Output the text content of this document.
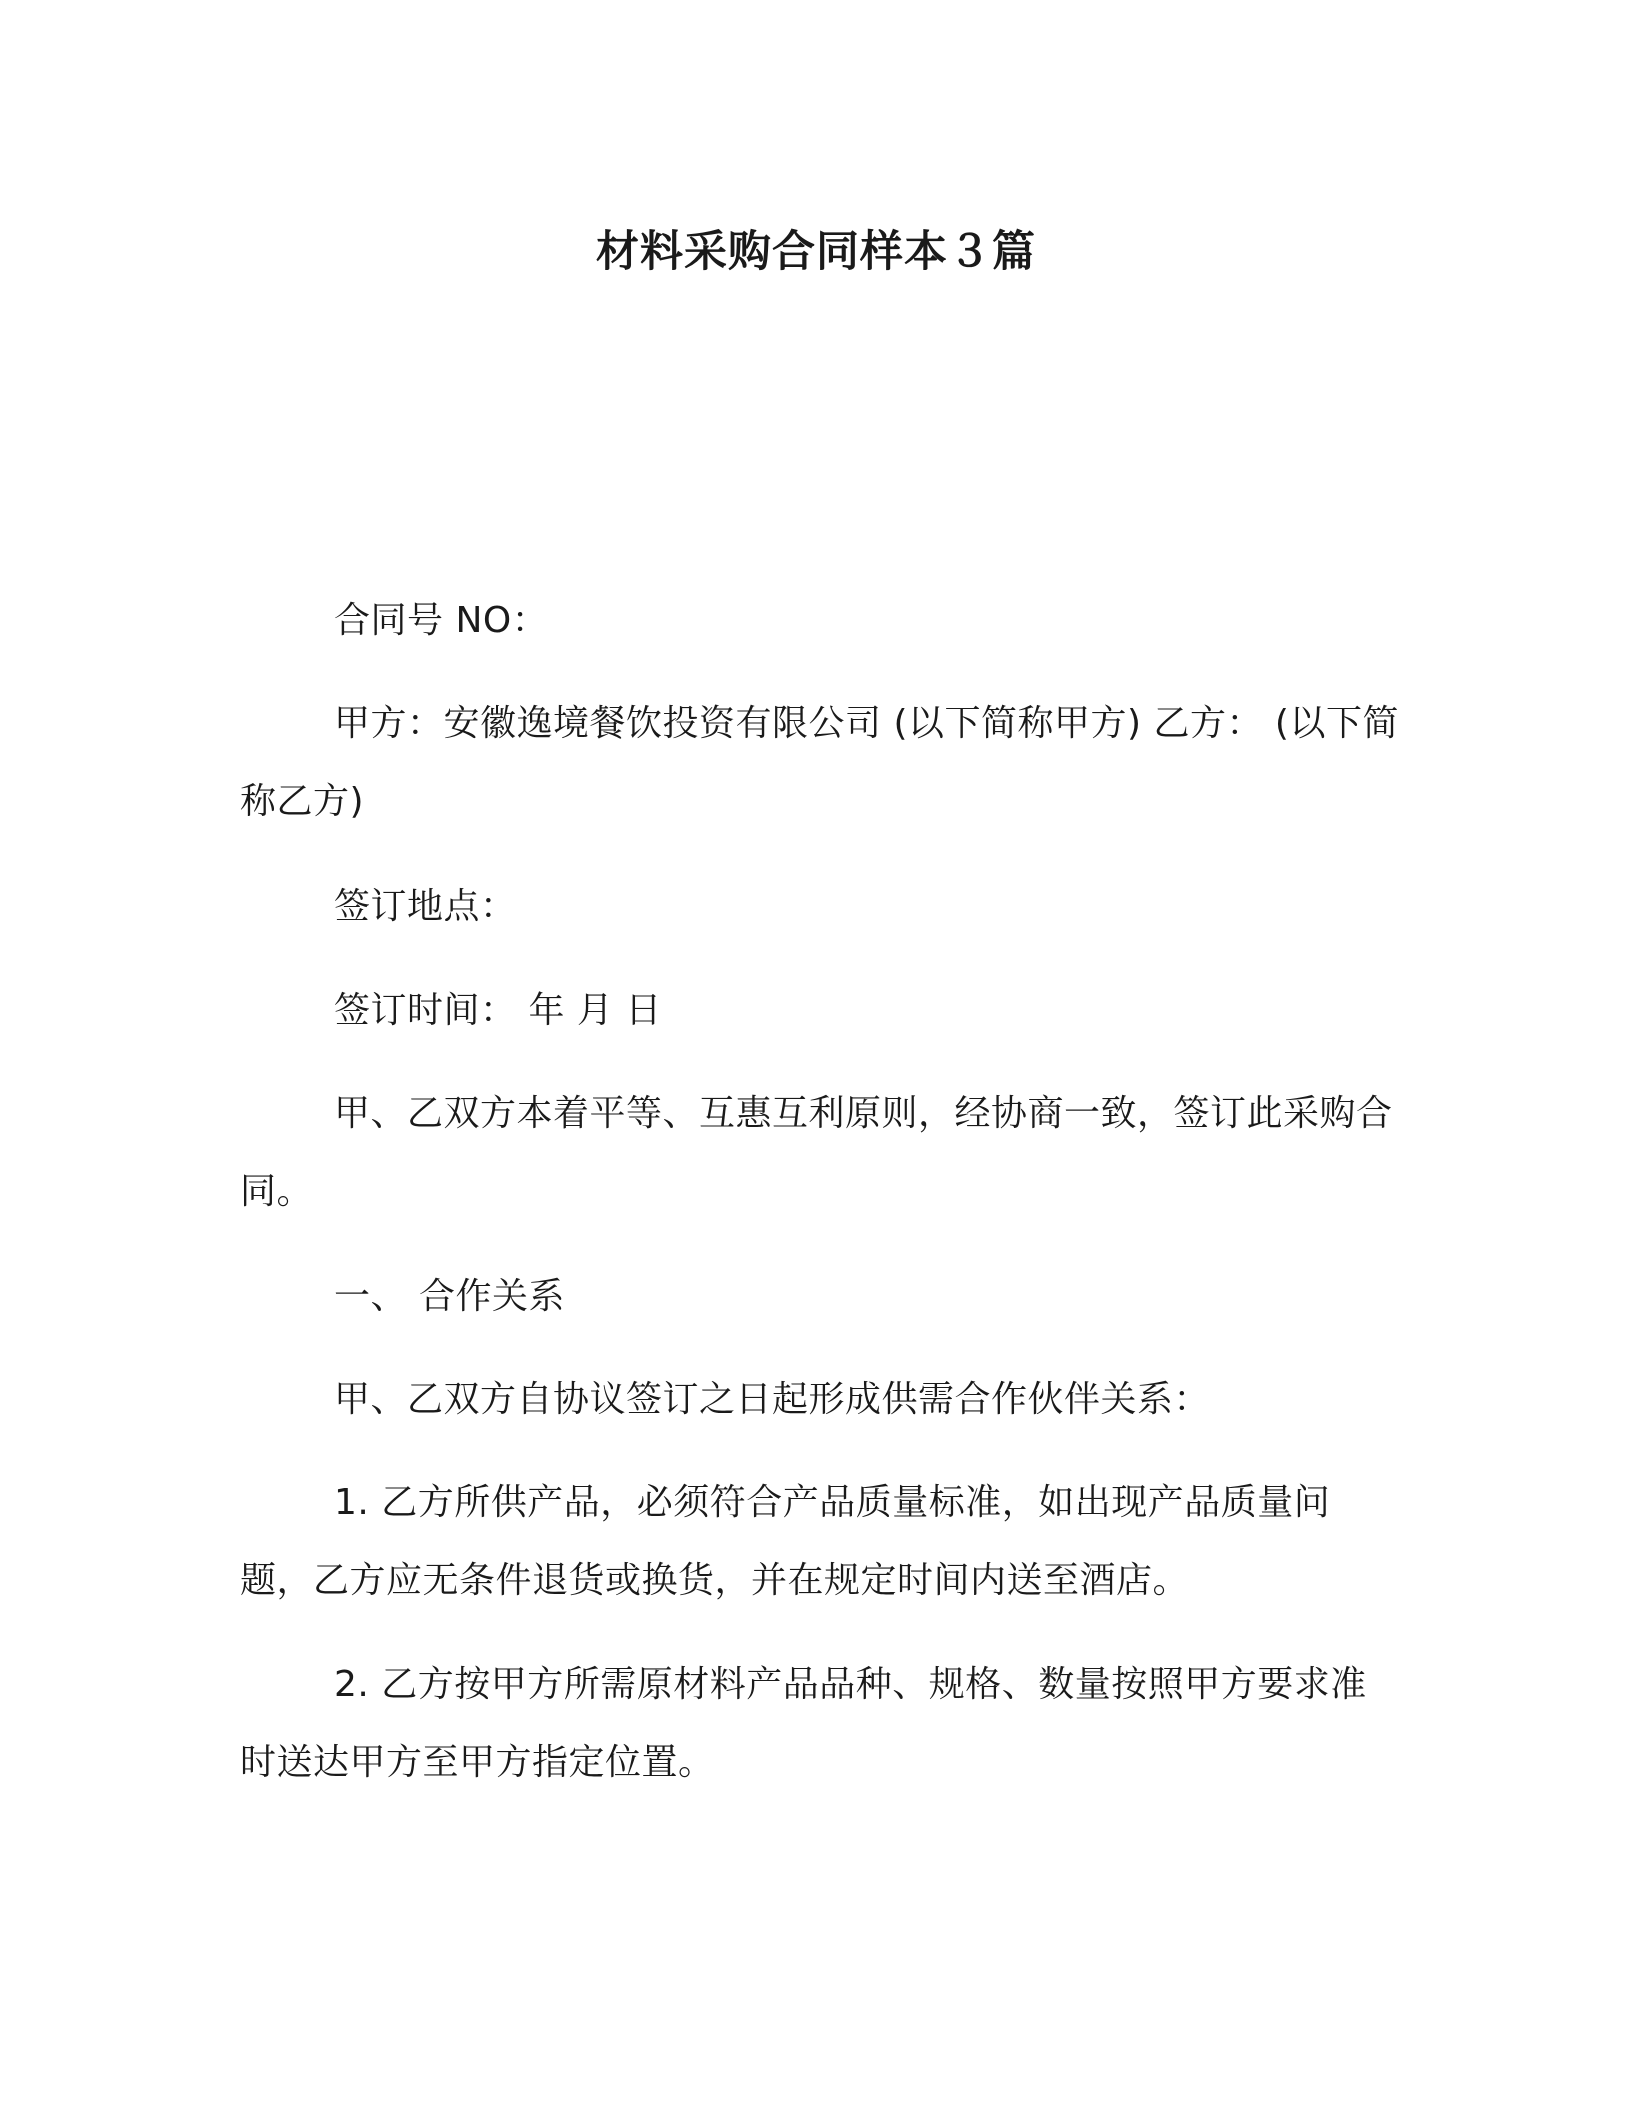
材料采购合同样本３篇

合同号 NO：

甲方：安徽逸境餐饮投资有限公司 (以下简称甲方) 乙方： (以下简称乙方)

签订地点：

签订时间： 年 月 日

甲、乙双方本着平等、互惠互利原则，经协商一致，签订此采购合同。

一、 合作关系

甲、乙双方自协议签订之日起形成供需合作伙伴关系：

1. 乙方所供产品，必须符合产品质量标准，如出现产品质量问题，乙方应无条件退货或换货，并在规定时间内送至酒店。

2. 乙方按甲方所需原材料产品品种、规格、数量按照甲方要求准时送达甲方至甲方指定位置。
